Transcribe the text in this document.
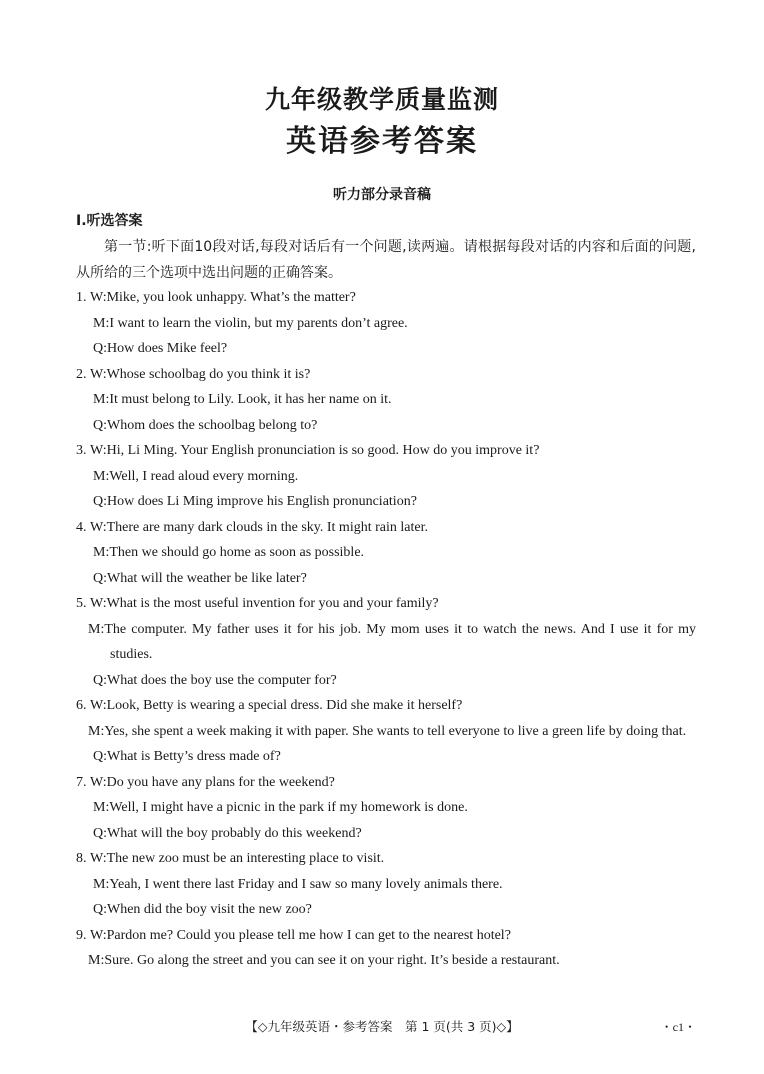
九年级教学质量监测
英语参考答案
听力部分录音稿
Ⅰ.听选答案
第一节:听下面10段对话,每段对话后有一个问题,读两遍。请根据每段对话的内容和后面的问题,从所给的三个选项中选出问题的正确答案。
1. W:Mike, you look unhappy. What’s the matter?
M:I want to learn the violin, but my parents don’t agree.
Q:How does Mike feel?
2. W:Whose schoolbag do you think it is?
M:It must belong to Lily. Look, it has her name on it.
Q:Whom does the schoolbag belong to?
3. W:Hi, Li Ming. Your English pronunciation is so good. How do you improve it?
M:Well, I read aloud every morning.
Q:How does Li Ming improve his English pronunciation?
4. W:There are many dark clouds in the sky. It might rain later.
M:Then we should go home as soon as possible.
Q:What will the weather be like later?
5. W:What is the most useful invention for you and your family?
M:The computer. My father uses it for his job. My mom uses it to watch the news. And I use it for my studies.
Q:What does the boy use the computer for?
6. W:Look, Betty is wearing a special dress. Did she make it herself?
M:Yes, she spent a week making it with paper. She wants to tell everyone to live a green life by doing that.
Q:What is Betty’s dress made of?
7. W:Do you have any plans for the weekend?
M:Well, I might have a picnic in the park if my homework is done.
Q:What will the boy probably do this weekend?
8. W:The new zoo must be an interesting place to visit.
M:Yeah, I went there last Friday and I saw so many lovely animals there.
Q:When did the boy visit the new zoo?
9. W:Pardon me? Could you please tell me how I can get to the nearest hotel?
M:Sure. Go along the street and you can see it on your right. It’s beside a restaurant.
【◇九年级英语・参考答案　第 1 页(共 3 页)◇】	・c1・
